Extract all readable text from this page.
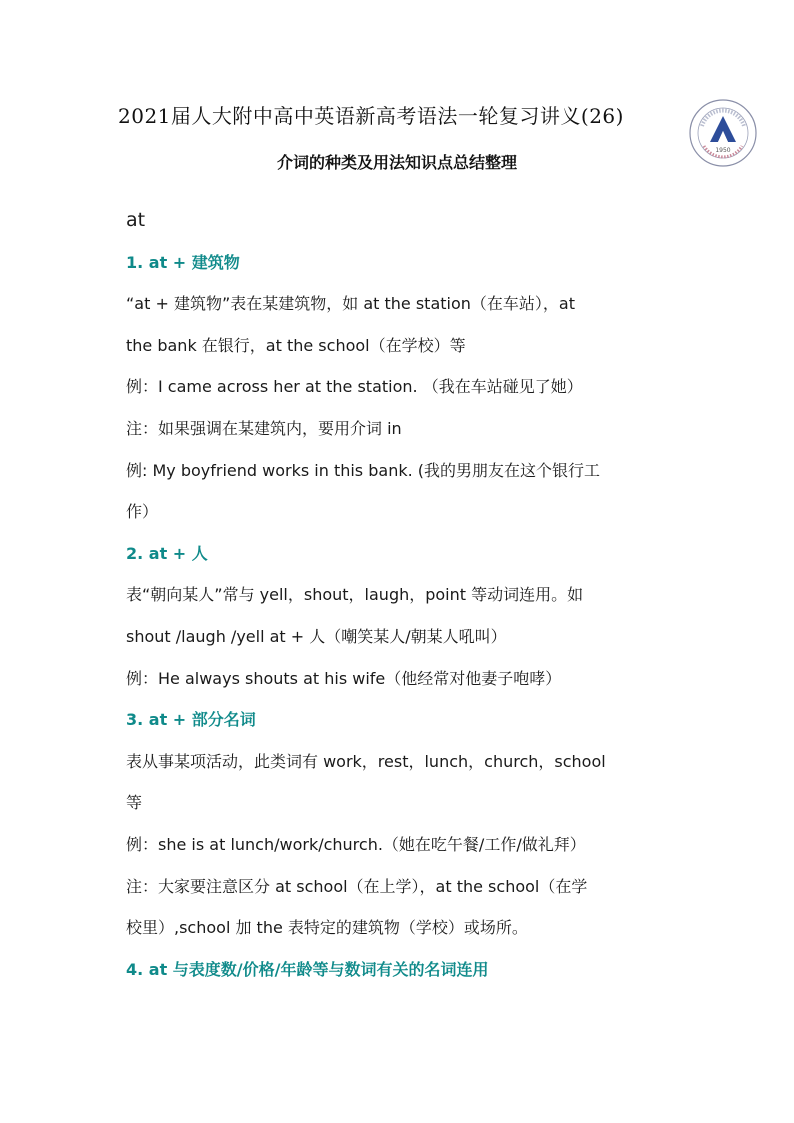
2021届人大附中高中英语新高考语法一轮复习讲义(26)
1950
介词的种类及用法知识点总结整理
at
1. at + 建筑物
“at + 建筑物”表在某建筑物，如 at the station（在车站），at
the bank 在银行，at the school（在学校）等
例：I came across her at the station. （我在车站碰见了她）
注：如果强调在某建筑内，要用介词 in
例: My boyfriend works in this bank. (我的男朋友在这个银行工
作）
2. at + 人
表“朝向某人”常与 yell，shout，laugh，point 等动词连用。如
shout /laugh /yell at + 人（嘲笑某人/朝某人吼叫）
例：He always shouts at his wife（他经常对他妻子咆哮）
3. at + 部分名词
表从事某项活动，此类词有 work，rest，lunch，church，school
等
例：she is at lunch/work/church.（她在吃午餐/工作/做礼拜）
注：大家要注意区分 at school（在上学），at the school（在学
校里）,school 加 the 表特定的建筑物（学校）或场所。
4. at 与表度数/价格/年龄等与数词有关的名词连用
